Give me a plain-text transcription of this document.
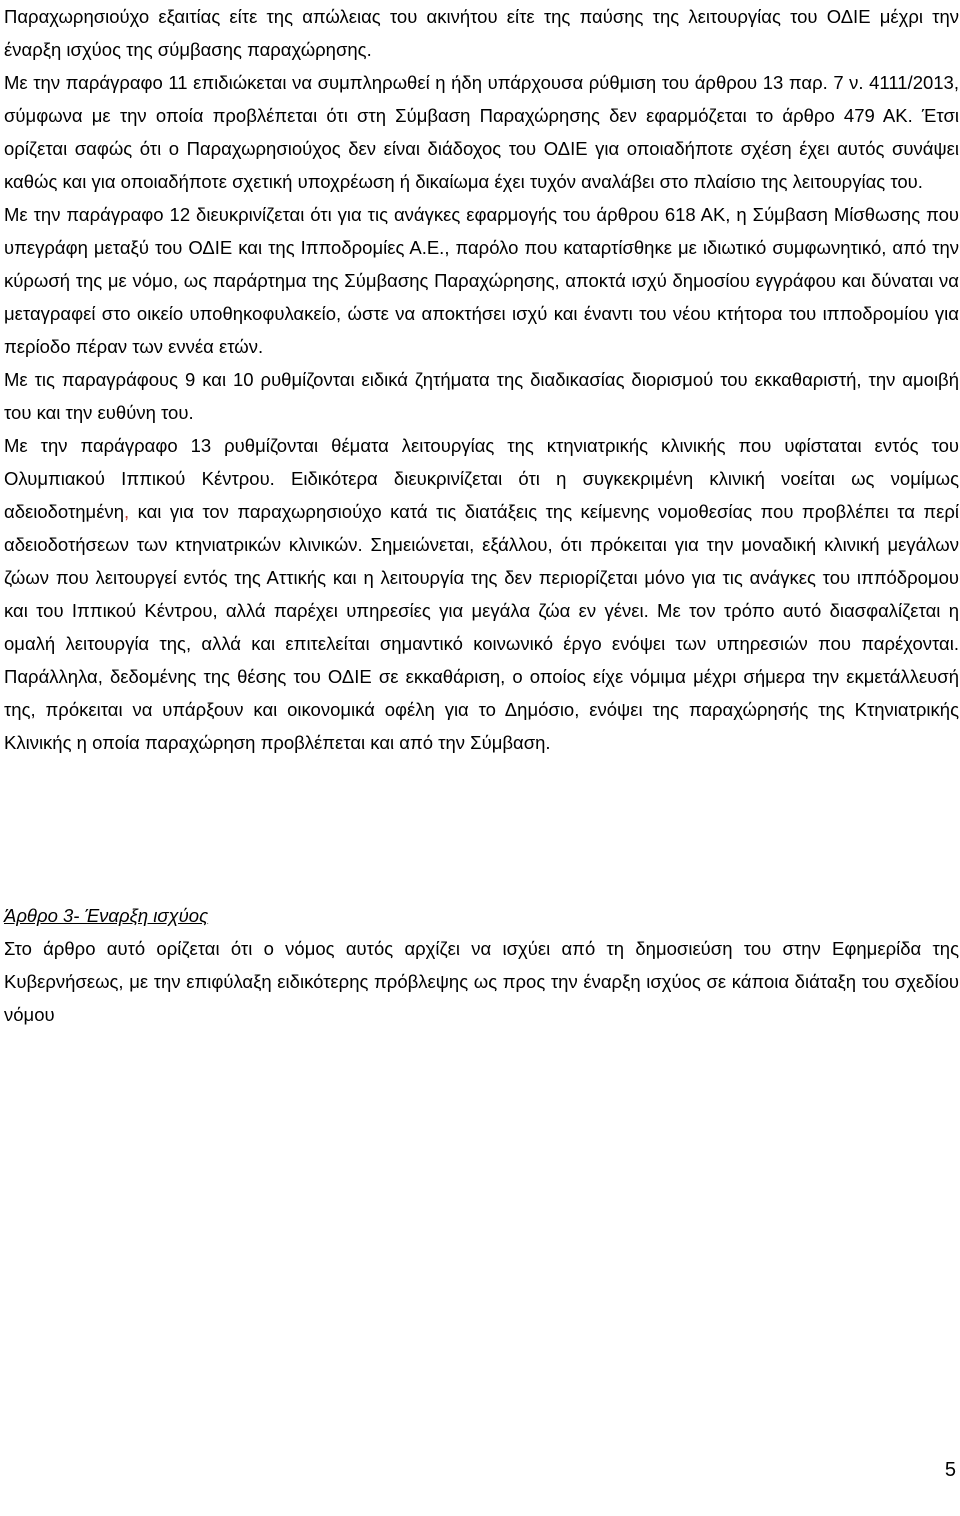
Παραχωρησιούχο εξαιτίας είτε της απώλειας του ακινήτου είτε της παύσης της λειτουργίας του ΟΔΙΕ μέχρι την έναρξη ισχύος της σύμβασης παραχώρησης.

Με την παράγραφο 11 επιδιώκεται να συμπληρωθεί η ήδη υπάρχουσα ρύθμιση του άρθρου 13 παρ. 7 ν. 4111/2013, σύμφωνα με την οποία προβλέπεται ότι στη Σύμβαση Παραχώρησης δεν εφαρμόζεται το άρθρο 479 ΑΚ. Έτσι ορίζεται σαφώς ότι ο Παραχωρησιούχος δεν είναι διάδοχος του ΟΔΙΕ για οποιαδήποτε σχέση έχει αυτός συνάψει καθώς και για οποιαδήποτε σχετική υποχρέωση ή δικαίωμα έχει τυχόν αναλάβει στο πλαίσιο της λειτουργίας του.

Με την παράγραφο 12 διευκρινίζεται ότι για τις ανάγκες εφαρμογής του άρθρου 618 ΑΚ, η Σύμβαση Μίσθωσης που υπεγράφη μεταξύ του ΟΔΙΕ και της Ιπποδρομίες Α.Ε., παρόλο που καταρτίσθηκε με ιδιωτικό συμφωνητικό, από την κύρωσή της με νόμο, ως παράρτημα της Σύμβασης Παραχώρησης, αποκτά ισχύ δημοσίου εγγράφου και δύναται να μεταγραφεί στο οικείο υποθηκοφυλακείο, ώστε να αποκτήσει ισχύ και έναντι του νέου κτήτορα του ιπποδρομίου για περίοδο πέραν των εννέα ετών.

Με τις παραγράφους 9 και 10 ρυθμίζονται ειδικά ζητήματα της διαδικασίας διορισμού του εκκαθαριστή, την αμοιβή του και την ευθύνη του.

Με την παράγραφο 13 ρυθμίζονται θέματα λειτουργίας της κτηνιατρικής κλινικής που υφίσταται εντός του Ολυμπιακού Ιππικού Κέντρου. Ειδικότερα διευκρινίζεται ότι η συγκεκριμένη κλινική νοείται ως νομίμως αδειοδοτημένη, και για τον παραχωρησιούχο κατά τις διατάξεις της κείμενης νομοθεσίας που προβλέπει τα περί αδειοδοτήσεων των κτηνιατρικών κλινικών. Σημειώνεται, εξάλλου, ότι πρόκειται για την μοναδική κλινική μεγάλων ζώων που λειτουργεί εντός της Αττικής και η λειτουργία της δεν περιορίζεται μόνο για τις ανάγκες του ιππόδρομου και του Ιππικού Κέντρου, αλλά παρέχει υπηρεσίες για μεγάλα ζώα εν γένει. Με τον τρόπο αυτό διασφαλίζεται η ομαλή λειτουργία της, αλλά και επιτελείται σημαντικό κοινωνικό έργο ενόψει των υπηρεσιών που παρέχονται. Παράλληλα, δεδομένης της θέσης του ΟΔΙΕ σε εκκαθάριση, ο οποίος είχε νόμιμα μέχρι σήμερα την εκμετάλλευσή της, πρόκειται να υπάρξουν και οικονομικά οφέλη για το Δημόσιο, ενόψει της παραχώρησής της Κτηνιατρικής Κλινικής η οποία παραχώρηση προβλέπεται και από την Σύμβαση.

Άρθρο 3- Έναρξη ισχύος

Στο άρθρο αυτό ορίζεται ότι ο νόμος αυτός αρχίζει να ισχύει από τη δημοσιεύση του στην Εφημερίδα της Κυβερνήσεως, με την επιφύλαξη ειδικότερης πρόβλεψης ως προς την έναρξη ισχύος σε κάποια διάταξη του σχεδίου νόμου

5
